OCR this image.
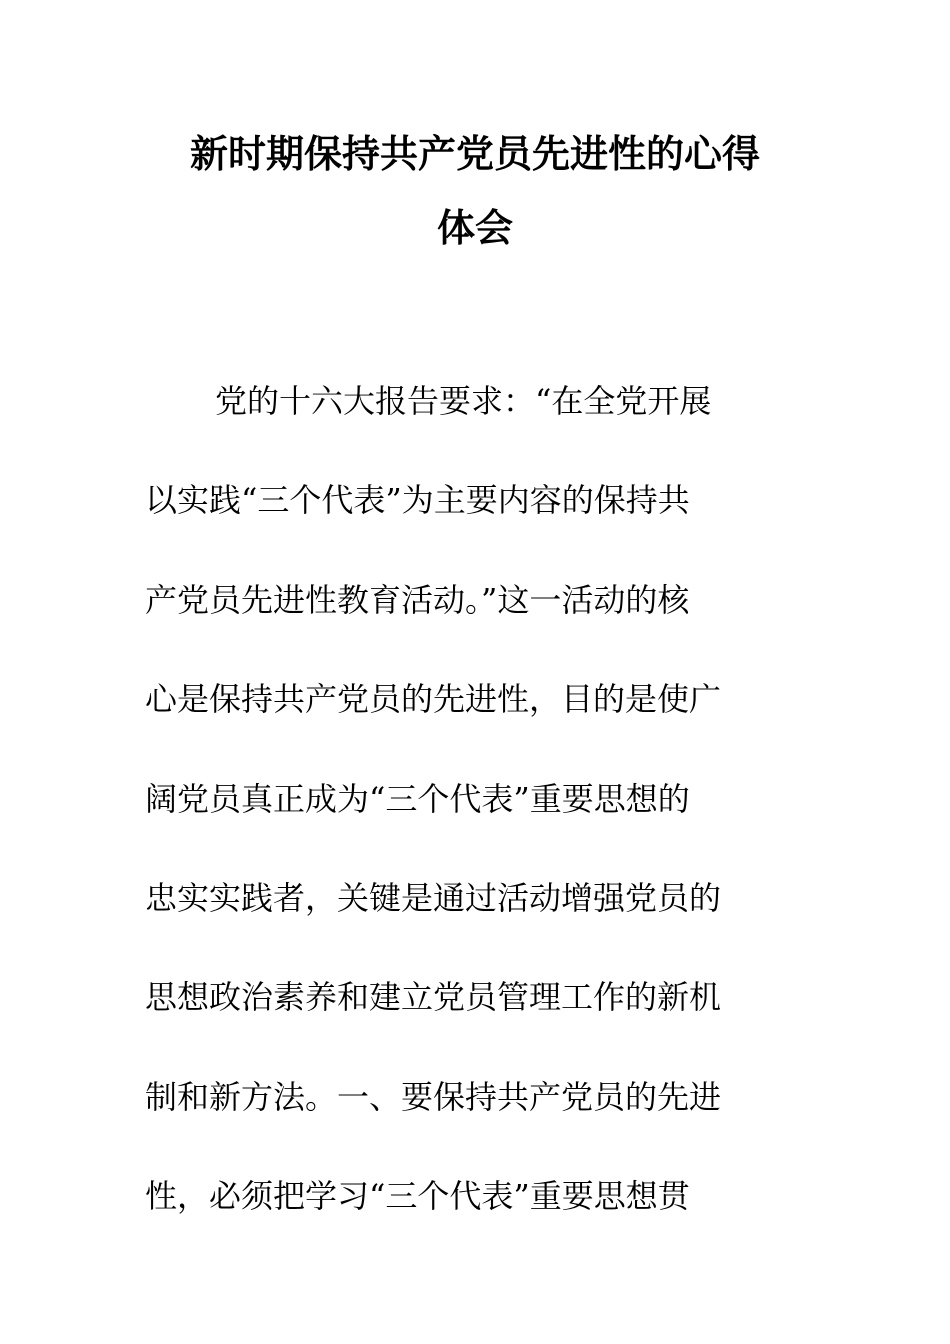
新时期保持共产党员先进性的心得
体会
党的十六大报告要求：“在全党开展
以实践“三个代表”为主要内容的保持共
产党员先进性教育活动。”这一活动的核
心是保持共产党员的先进性，目的是使广
阔党员真正成为“三个代表”重要思想的
忠实实践者，关键是通过活动增强党员的
思想政治素养和建立党员管理工作的新机
制和新方法。一、要保持共产党员的先进
性，必须把学习“三个代表”重要思想贯
